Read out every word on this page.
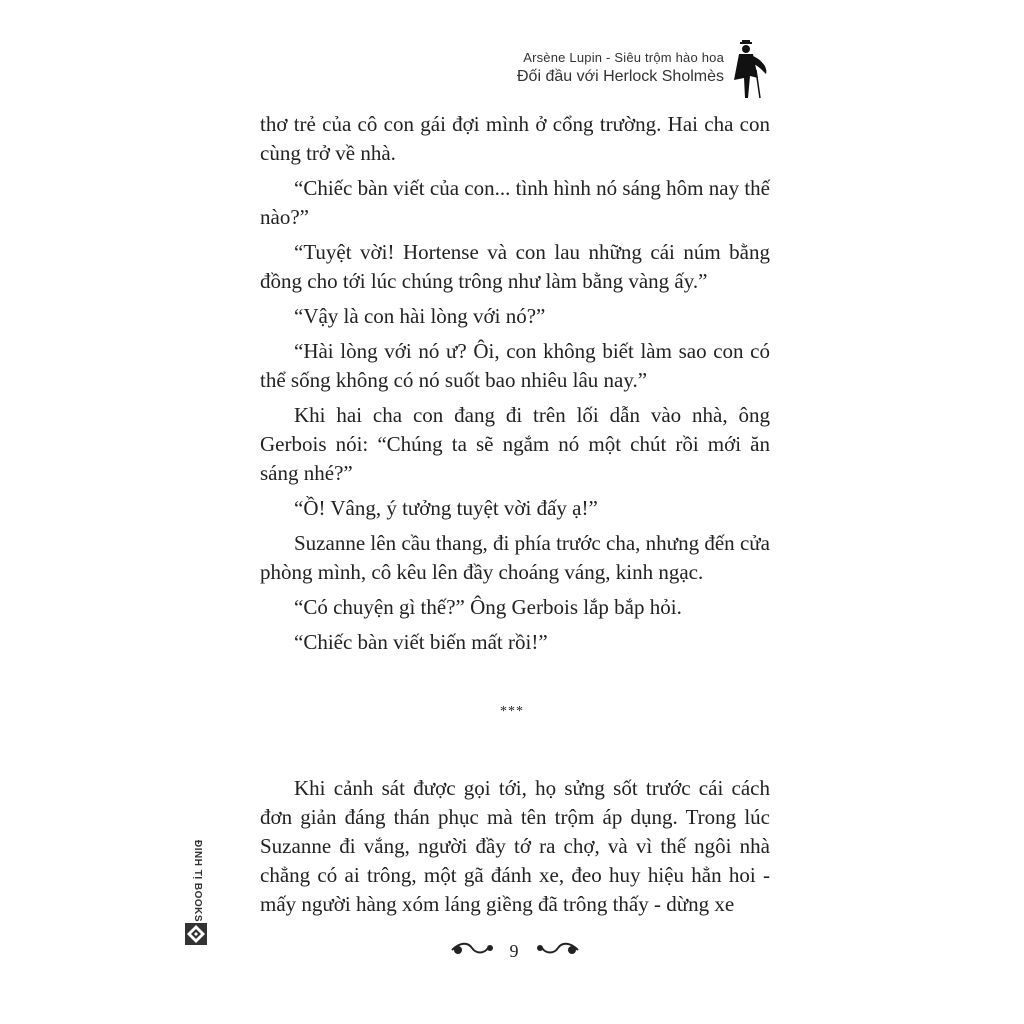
Arsène Lupin - Siêu trộm hào hoa
Đối đầu với Herlock Sholmès

thơ trẻ của cô con gái đợi mình ở cổng trường. Hai cha con cùng trở về nhà.

“Chiếc bàn viết của con... tình hình nó sáng hôm nay thế nào?”

“Tuyệt vời! Hortense và con lau những cái núm bằng đồng cho tới lúc chúng trông như làm bằng vàng ấy.”

“Vậy là con hài lòng với nó?”

“Hài lòng với nó ư? Ôi, con không biết làm sao con có thể sống không có nó suốt bao nhiêu lâu nay.”

Khi hai cha con đang đi trên lối dẫn vào nhà, ông Gerbois nói: “Chúng ta sẽ ngắm nó một chút rồi mới ăn sáng nhé?”

“Ồ! Vâng, ý tưởng tuyệt vời đấy ạ!”

Suzanne lên cầu thang, đi phía trước cha, nhưng đến cửa phòng mình, cô kêu lên đầy choáng váng, kinh ngạc.

“Có chuyện gì thế?” Ông Gerbois lắp bắp hỏi.

“Chiếc bàn viết biến mất rồi!”

***

Khi cảnh sát được gọi tới, họ sửng sốt trước cái cách đơn giản đáng thán phục mà tên trộm áp dụng. Trong lúc Suzanne đi vắng, người đầy tớ ra chợ, và vì thế ngôi nhà chẳng có ai trông, một gã đánh xe, đeo huy hiệu hẳn hoi - mấy người hàng xóm láng giềng đã trông thấy - dừng xe

9
ĐINH TỊ BOOKS
